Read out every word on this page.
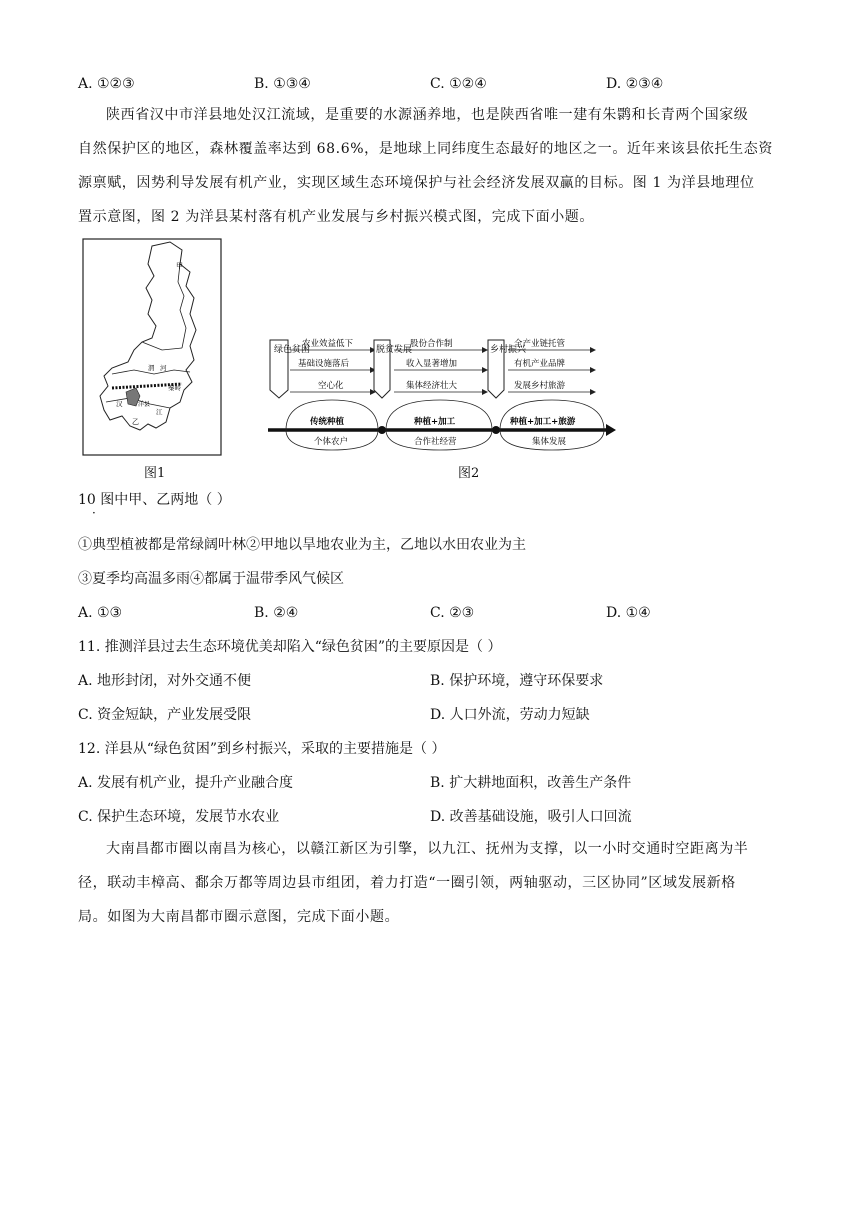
A. ①②③	B. ①③④	C. ①②④	D. ②③④
陕西省汉中市洋县地处汉江流域，是重要的水源涵养地，也是陕西省唯一建有朱鹮和长青两个国家级
自然保护区的地区，森林覆盖率达到 68.6%，是地球上同纬度生态最好的地区之一。近年来该县依托生态资
源禀赋，因势利导发展有机产业，实现区域生态环境保护与社会经济发展双赢的目标。图 1 为洋县地理位
置示意图，图 2 为洋县某村落有机产业发展与乡村振兴模式图，完成下面小题。
甲
渭 河
秦岭
汉	洋县
江
乙
图1
绿色贫困
农业效益低下
基础设施落后
空心化
传统种植
个体农户
脱贫发展
股份合作制
收入显著增加
集体经济壮大
种植+加工
合作社经营
乡村振兴
全产业链托管
有机产业品牌
发展乡村旅游
种植+加工+旅游
集体发展
图2
10 图中甲、乙两地（ ）
·
①典型植被都是常绿阔叶林②甲地以旱地农业为主，乙地以水田农业为主
③夏季均高温多雨④都属于温带季风气候区
A. ①③	B. ②④	C. ②③	D. ①④
11. 推测洋县过去生态环境优美却陷入“绿色贫困”的主要原因是（ ）
A. 地形封闭，对外交通不便	B. 保护环境，遵守环保要求
C. 资金短缺，产业发展受限	D. 人口外流，劳动力短缺
12. 洋县从“绿色贫困”到乡村振兴，采取的主要措施是（ ）
A. 发展有机产业，提升产业融合度	B. 扩大耕地面积，改善生产条件
C. 保护生态环境，发展节水农业	D. 改善基础设施，吸引人口回流
大南昌都市圈以南昌为核心，以赣江新区为引擎，以九江、抚州为支撑，以一小时交通时空距离为半
径，联动丰樟高、鄱余万都等周边县市组团，着力打造“一圈引领，两轴驱动，三区协同”区域发展新格
局。如图为大南昌都市圈示意图，完成下面小题。
